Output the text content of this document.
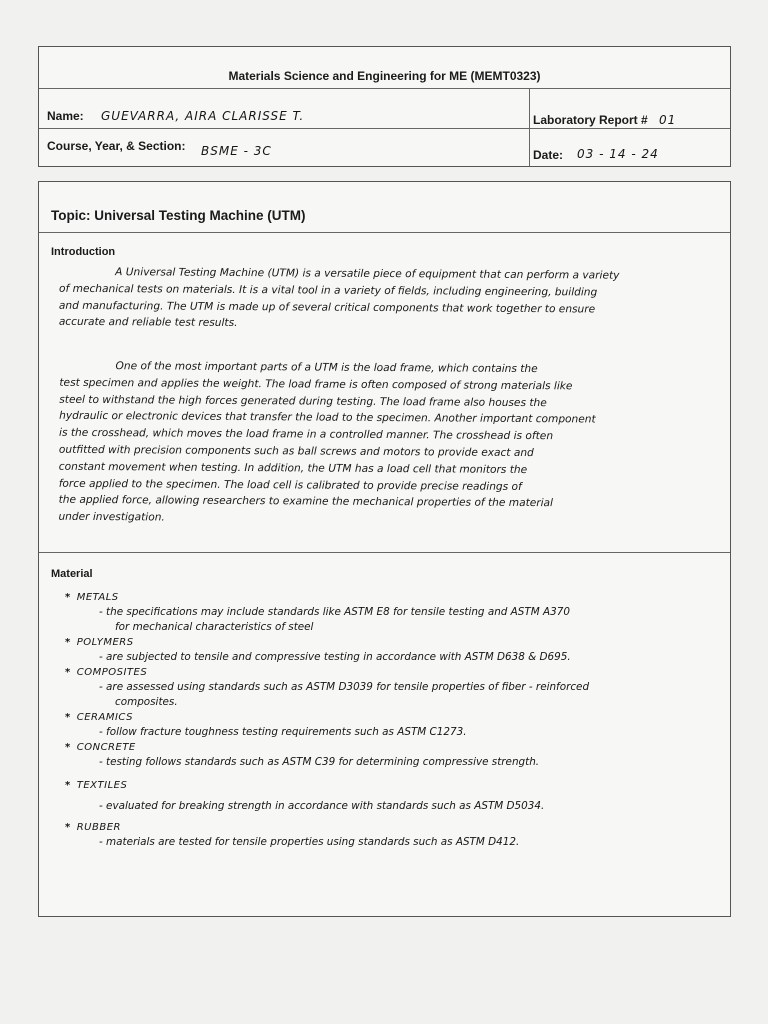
Materials Science and Engineering for ME (MEMT0323)
Name: GUEVARRA, AIRA CLARISSE T.	Laboratory Report # 01
Course, Year, & Section: BSME - 3C	Date: 03 - 14 - 24
Topic: Universal Testing Machine (UTM)
Introduction
A Universal Testing Machine (UTM) is a versatile piece of equipment that can perform a variety
of mechanical tests on materials. It is a vital tool in a variety of fields, including engineering, building
and manufacturing. The UTM is made up of several critical components that work together to ensure
accurate and reliable test results.
One of the most important parts of a UTM is the load frame, which contains the
test specimen and applies the weight. The load frame is often composed of strong materials like
steel to withstand the high forces generated during testing. The load frame also houses the
hydraulic or electronic devices that transfer the load to the specimen. Another important component
is the crosshead, which moves the load frame in a controlled manner. The crosshead is often
outfitted with precision components such as ball screws and motors to provide exact and
constant movement when testing. In addition, the UTM has a load cell that monitors the
force applied to the specimen. The load cell is calibrated to provide precise readings of
the applied force, allowing researchers to examine the mechanical properties of the material
under investigation.
Material
* METALS
- the specifications may include standards like ASTM E8 for tensile testing and ASTM A370
for mechanical characteristics of steel
* POLYMERS
- are subjected to tensile and compressive testing in accordance with ASTM D638 & D695.
* COMPOSITES
- are assessed using standards such as ASTM D3039 for tensile properties of fiber - reinforced
composites.
* CERAMICS
- follow fracture toughness testing requirements such as ASTM C1273.
* CONCRETE
- testing follows standards such as ASTM C39 for determining compressive strength.
* TEXTILES
- evaluated for breaking strength in accordance with standards such as ASTM D5034.
* RUBBER
- materials are tested for tensile properties using standards such as ASTM D412.
